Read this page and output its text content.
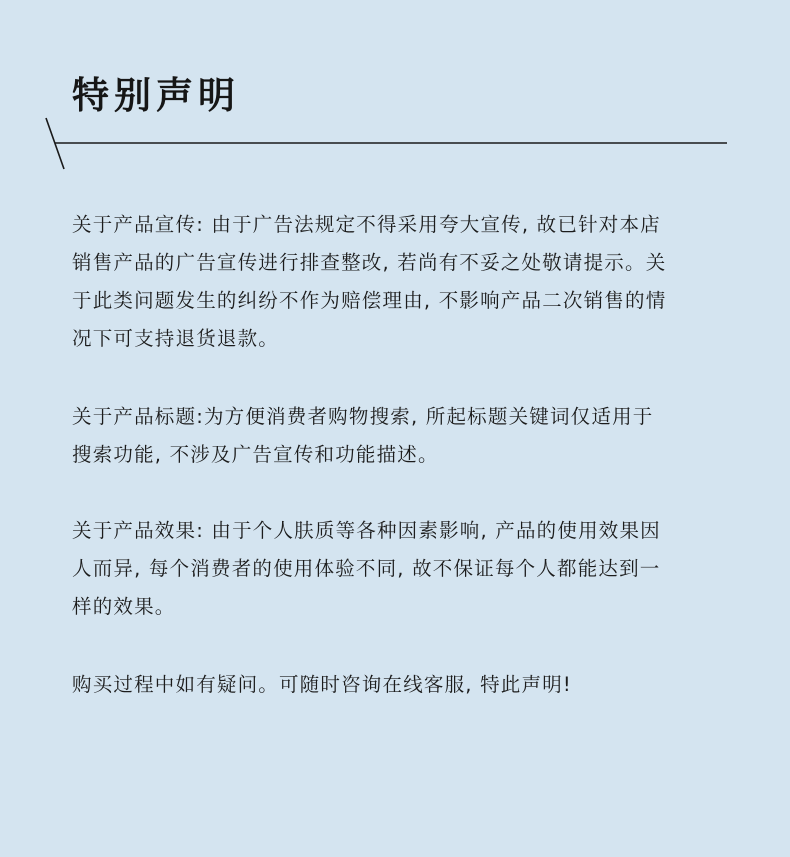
特别声明

关于产品宣传: 由于广告法规定不得采用夸大宣传, 故已针对本店
销售产品的广告宣传进行排查整改, 若尚有不妥之处敬请提示。关
于此类问题发生的纠纷不作为赔偿理由, 不影响产品二次销售的情
况下可支持退货退款。

关于产品标题:为方便消费者购物搜索, 所起标题关键词仅适用于
搜索功能, 不涉及广告宣传和功能描述。

关于产品效果: 由于个人肤质等各种因素影响, 产品的使用效果因
人而异, 每个消费者的使用体验不同, 故不保证每个人都能达到一
样的效果。

购买过程中如有疑问。可随时咨询在线客服, 特此声明!
